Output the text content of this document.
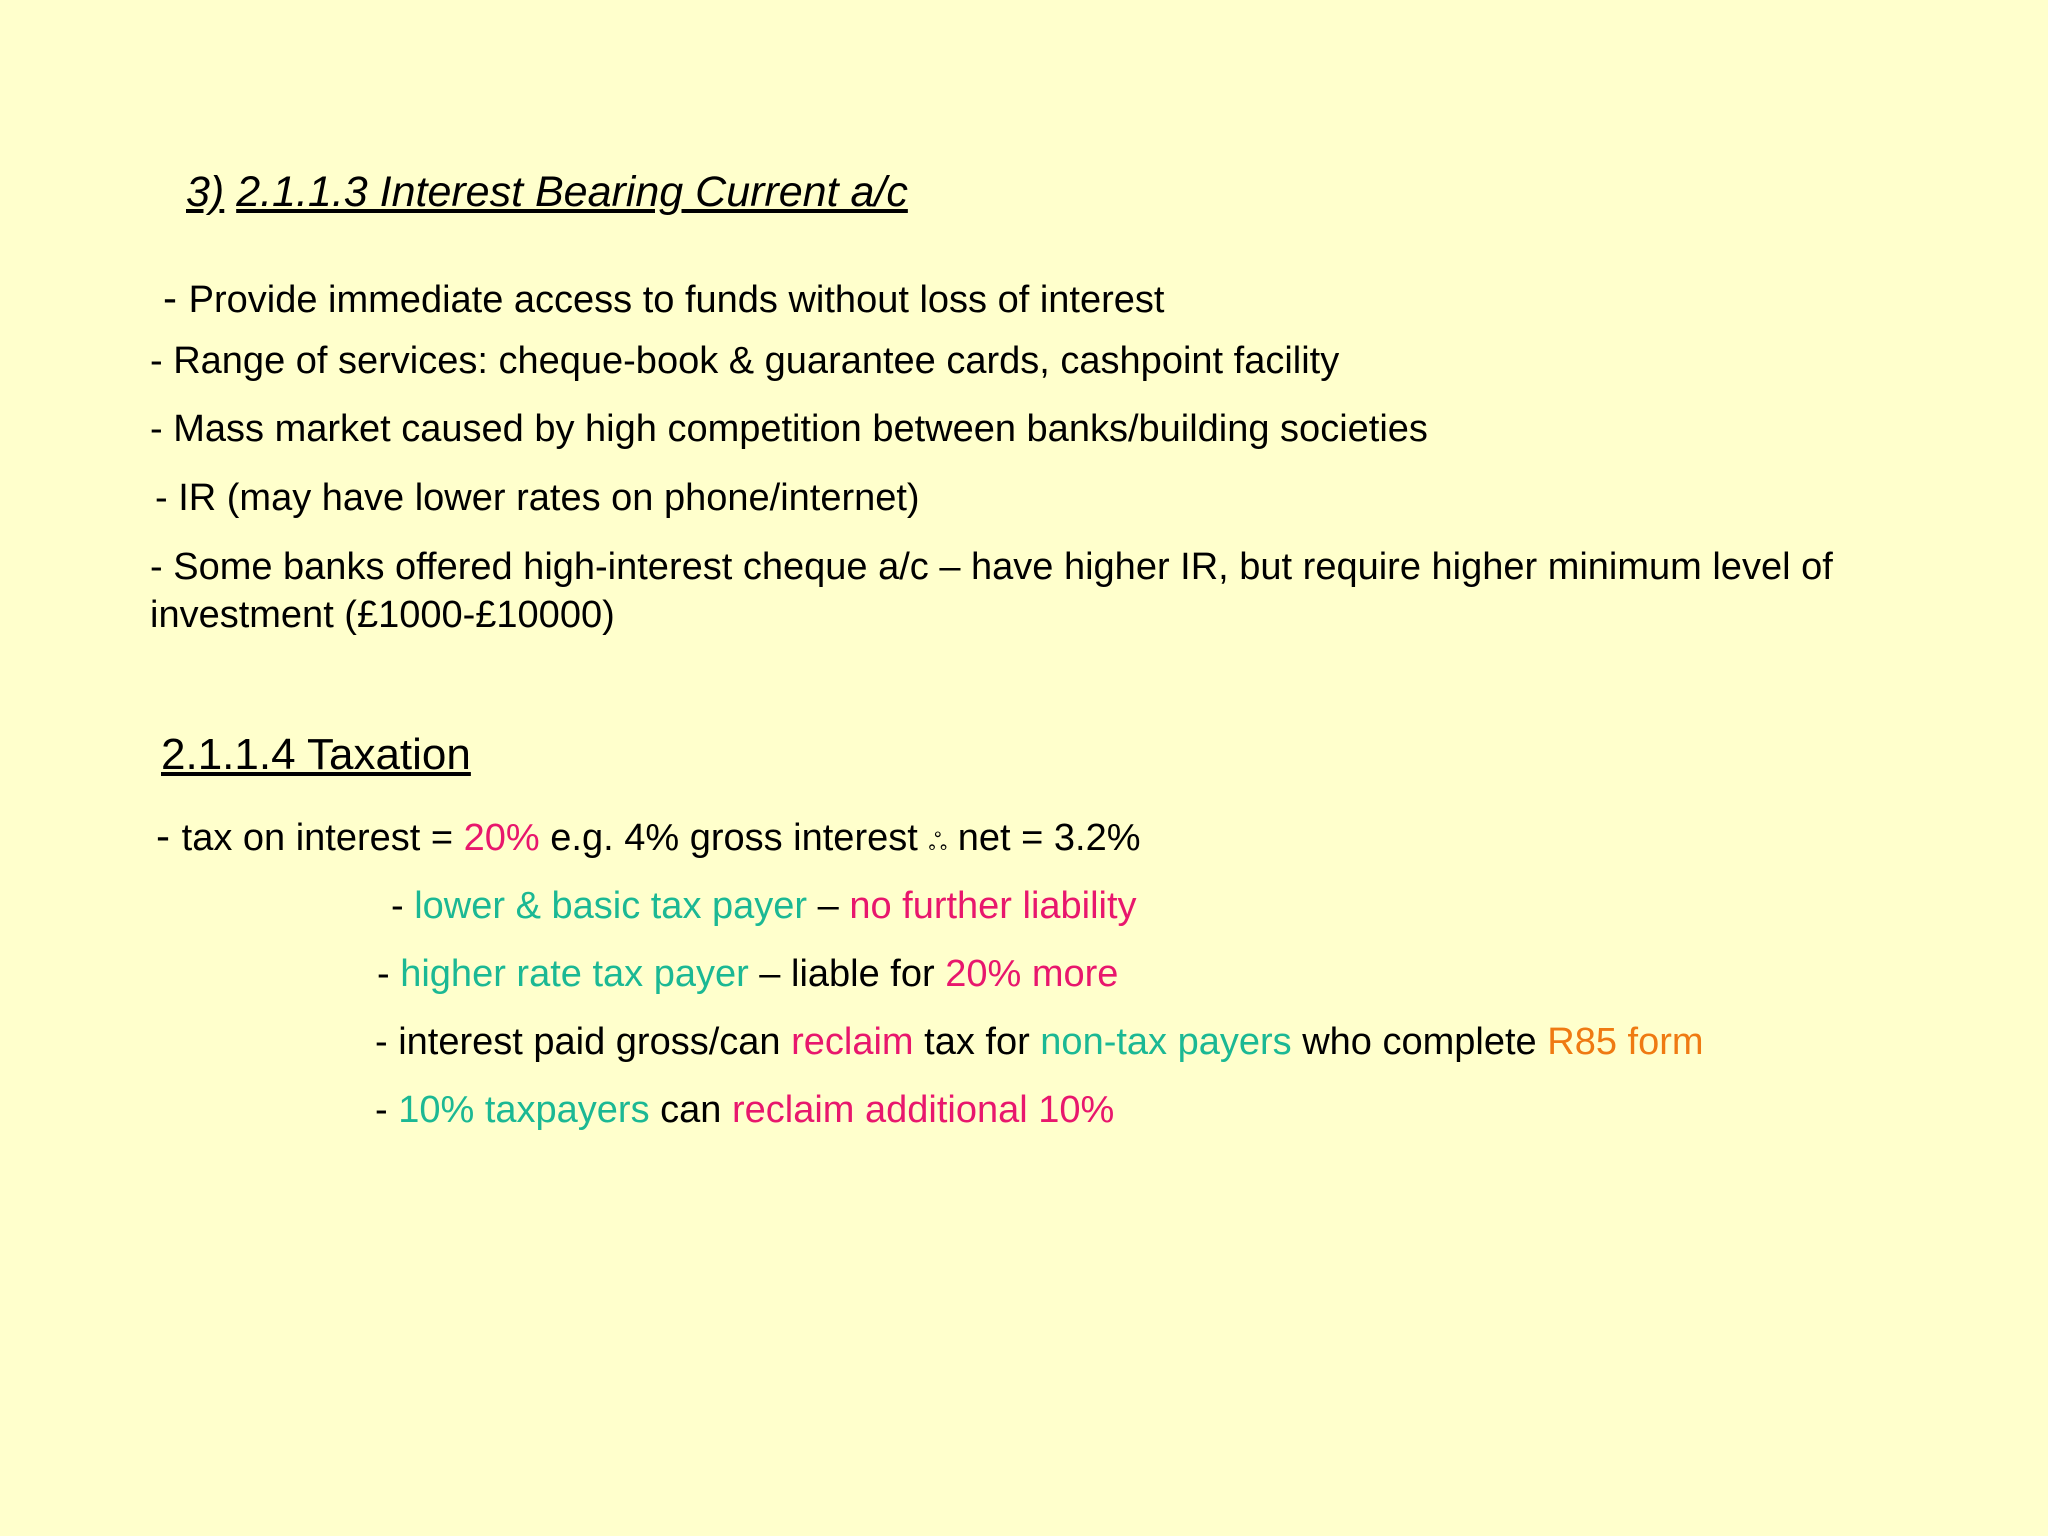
3) 2.1.1.3 Interest Bearing Current a/c
- Provide immediate access to funds without loss of interest
- Range of services: cheque-book & guarantee cards, cashpoint facility
- Mass market caused by high competition between banks/building societies
- IR (may have lower rates on phone/internet)
- Some banks offered high-interest cheque a/c – have higher IR, but require higher minimum level of investment (£1000-£10000)
2.1.1.4 Taxation
- tax on interest = 20% e.g. 4% gross interest ஃ net = 3.2%
- lower & basic tax payer – no further liability
- higher rate tax payer – liable for 20% more
- interest paid gross/can reclaim tax for non-tax payers who complete R85 form
- 10% taxpayers can reclaim additional 10%
